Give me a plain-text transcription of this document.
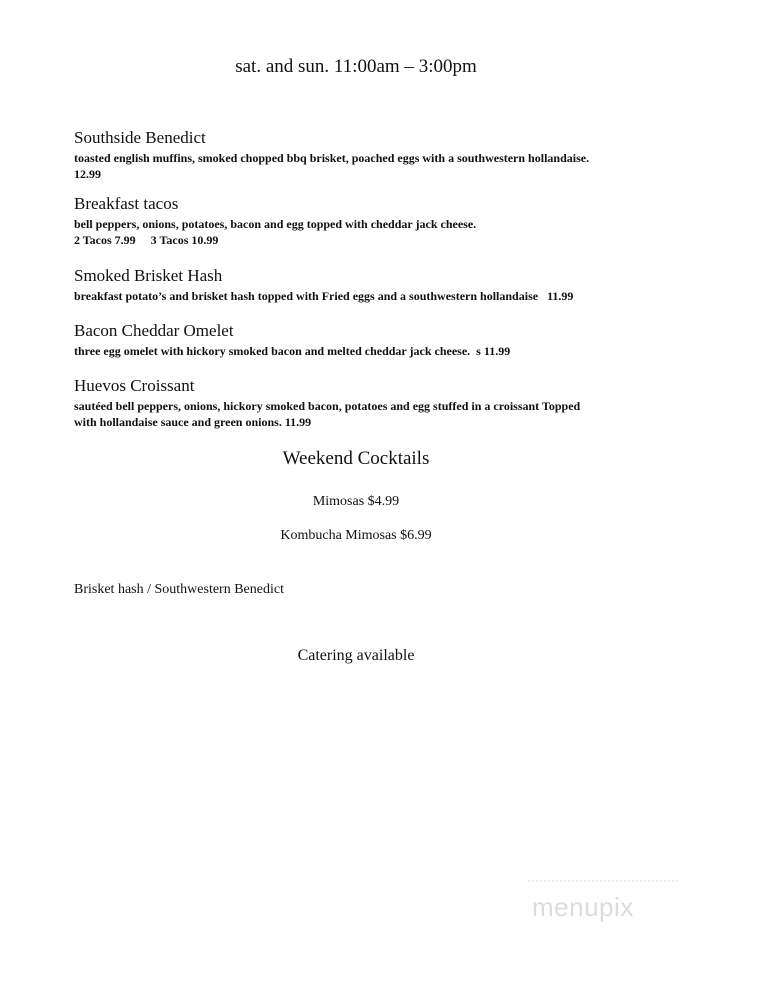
sat. and sun. 11:00am – 3:00pm
Southside Benedict

toasted english muffins, smoked chopped bbq brisket, poached eggs with a southwestern hollandaise.

12.99

Breakfast tacos

bell peppers, onions, potatoes, bacon and egg topped with cheddar jack cheese.

2 Tacos 7.99     3 Tacos 10.99

Smoked Brisket Hash

breakfast potato’s and brisket hash topped with Fried eggs and a southwestern hollandaise   11.99

Bacon Cheddar Omelet

three egg omelet with hickory smoked bacon and melted cheddar jack cheese.  s 11.99

Huevos Croissant

sautéed bell peppers, onions, hickory smoked bacon, potatoes and egg stuffed in a croissant Topped

with hollandaise sauce and green onions. 11.99

Weekend Cocktails
Mimosas $4.99
Kombucha Mimosas $6.99
Brisket hash / Southwestern Benedict
Catering available
menupix
